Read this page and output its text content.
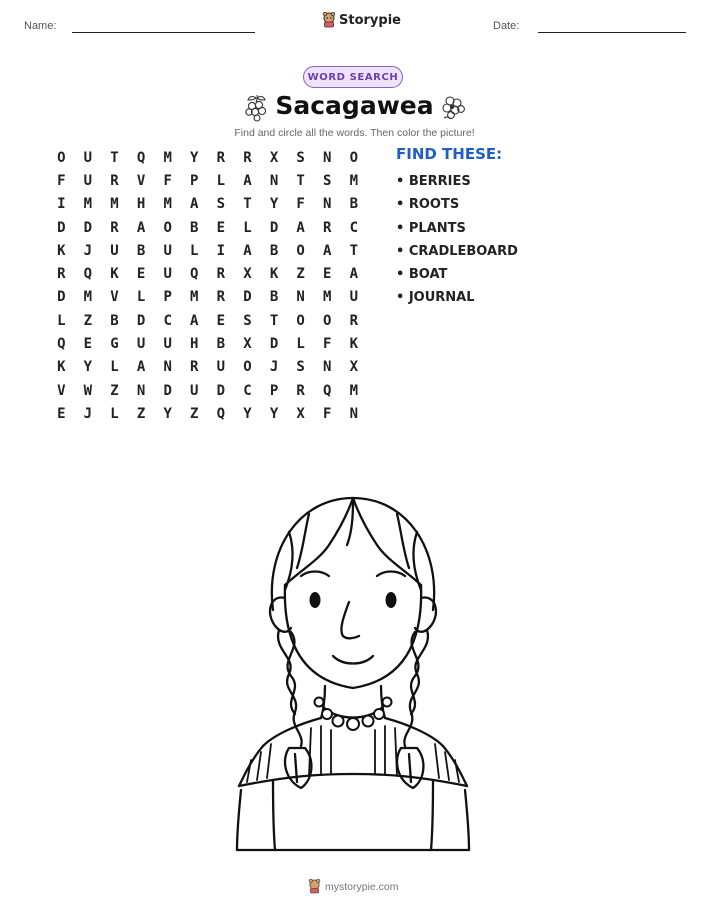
Name:	Storypie	Date:
WORD SEARCH
Sacagawea
Find and circle all the words. Then color the picture!
O	U	T	Q	M	Y	R	R	X	S	N	O
F	U	R	V	F	P	L	A	N	T	S	M
I	M	M	H	M	A	S	T	Y	F	N	B
D	D	R	A	O	B	E	L	D	A	R	C
K	J	U	B	U	L	I	A	B	O	A	T
R	Q	K	E	U	Q	R	X	K	Z	E	A
D	M	V	L	P	M	R	D	B	N	M	U
L	Z	B	D	C	A	E	S	T	O	O	R
Q	E	G	U	U	H	B	X	D	L	F	K
K	Y	L	A	N	R	U	O	J	S	N	X
V	W	Z	N	D	U	D	C	P	R	Q	M
E	J	L	Z	Y	Z	Q	Y	Y	X	F	N
FIND THESE:
• BERRIES
• ROOTS
• PLANTS
• CRADLEBOARD
• BOAT
• JOURNAL
mystorypie.com
